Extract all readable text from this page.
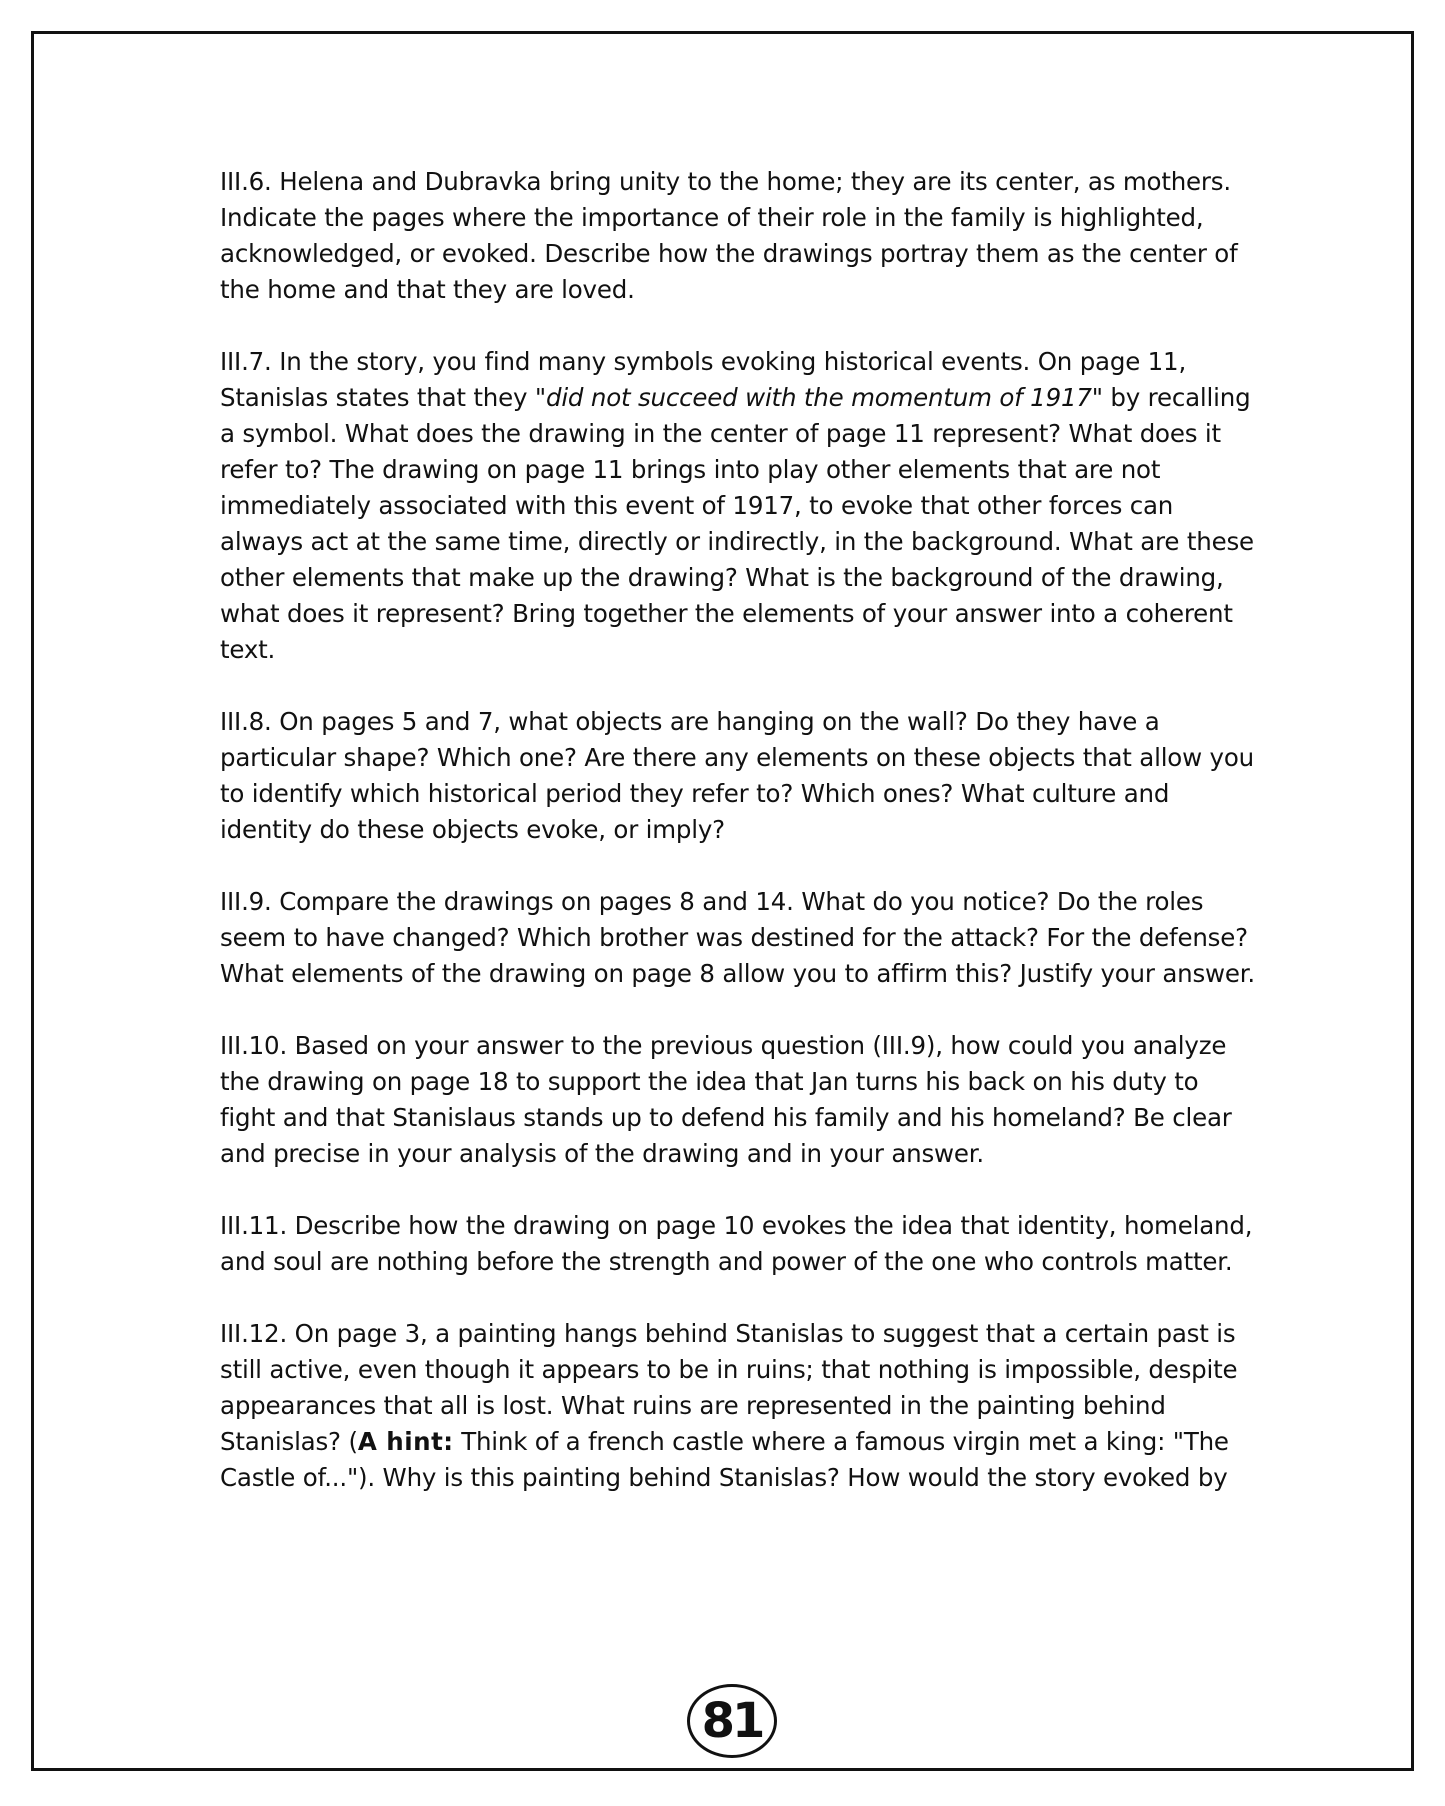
III.6. Helena and Dubravka bring unity to the home; they are its center, as mothers. Indicate the pages where the importance of their role in the family is highlighted, acknowledged, or evoked. Describe how the drawings portray them as the center of the home and that they are loved.

III.7. In the story, you find many symbols evoking historical events. On page 11, Stanislas states that they "did not succeed with the momentum of 1917" by recalling a symbol. What does the drawing in the center of page 11 represent? What does it refer to? The drawing on page 11 brings into play other elements that are not immediately associated with this event of 1917, to evoke that other forces can always act at the same time, directly or indirectly, in the background. What are these other elements that make up the drawing? What is the background of the drawing, what does it represent? Bring together the elements of your answer into a coherent text.

III.8. On pages 5 and 7, what objects are hanging on the wall? Do they have a particular shape? Which one? Are there any elements on these objects that allow you to identify which historical period they refer to? Which ones? What culture and identity do these objects evoke, or imply?

III.9. Compare the drawings on pages 8 and 14. What do you notice? Do the roles seem to have changed? Which brother was destined for the attack? For the defense? What elements of the drawing on page 8 allow you to affirm this? Justify your answer.

III.10. Based on your answer to the previous question (III.9), how could you analyze the drawing on page 18 to support the idea that Jan turns his back on his duty to fight and that Stanislaus stands up to defend his family and his homeland? Be clear and precise in your analysis of the drawing and in your answer.

III.11. Describe how the drawing on page 10 evokes the idea that identity, homeland, and soul are nothing before the strength and power of the one who controls matter.

III.12. On page 3, a painting hangs behind Stanislas to suggest that a certain past is still active, even though it appears to be in ruins; that nothing is impossible, despite appearances that all is lost. What ruins are represented in the painting behind Stanislas? (A hint: Think of a french castle where a famous virgin met a king: "The Castle of..."). Why is this painting behind Stanislas? How would the story evoked by

81
